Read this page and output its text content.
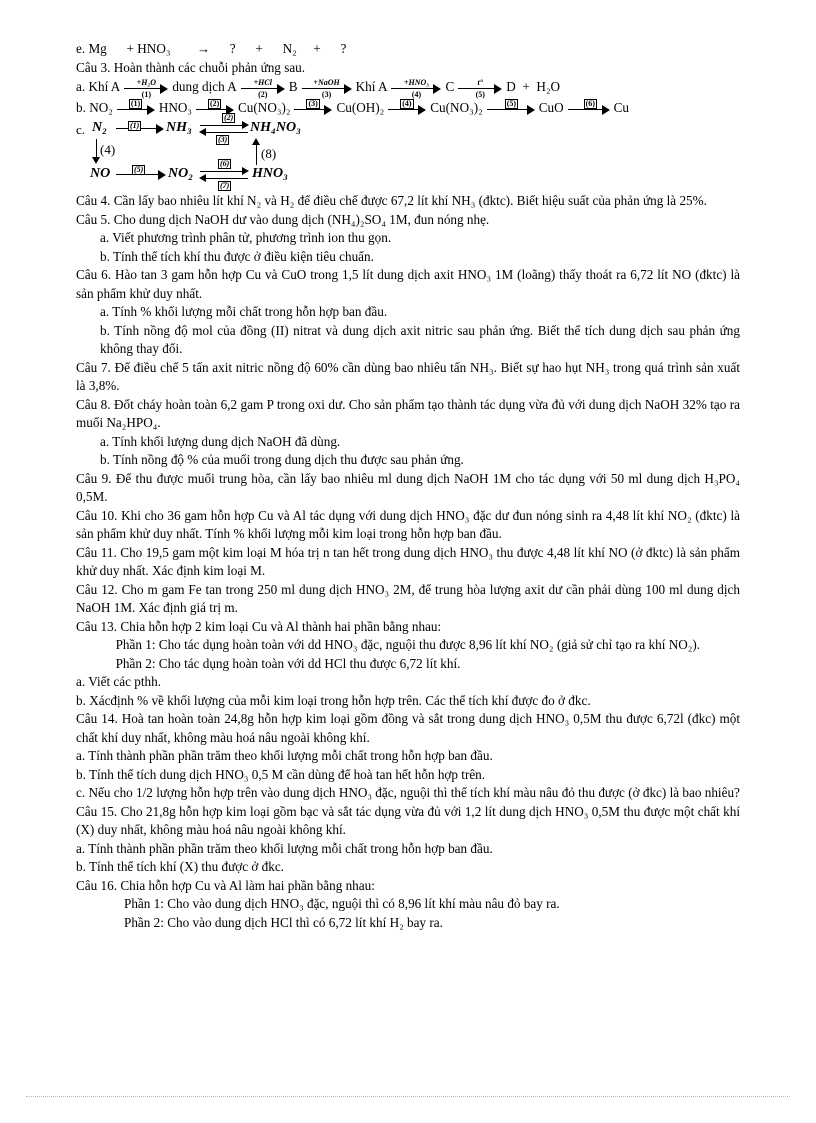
e. Mg      + HNO₃        →      ?      +      N₂     +      ?
Câu 3. Hoàn thành các chuỗi phản ứng sau.
a. Khí A	+H₂O
(1)	dung dịch A	+HCl
(2)	B	+NaOH
(3)	Khí A	+HNO₃
(4)	C	t°
(5)	D  +  H₂O
b. NO₂ (1) HNO₃ (2) Cu(NO₃)₂ (3) Cu(OH)₂ (4) Cu(NO₃)₂	(5) CuO	(6) Cu
c. N₂	(1) NH₃
(2)
(3)
NH₄NO₃
(4)	(8)
NO	(5) NO₂
(6)
(7)
HNO₃
Câu 4. Cần lấy bao nhiêu lít khí N₂ và H₂ để điều chế được 67,2 lít khí NH₃ (đktc). Biết hiệu suất của phản ứng là 25%.
Câu 5. Cho dung dịch NaOH dư vào dung dịch (NH₄)₂SO₄ 1M, đun nóng nhẹ.
a. Viết phương trình phân tử, phương trình ion thu gọn.
b. Tính thể tích khí thu được ở điều kiện tiêu chuẩn.
Câu 6. Hào tan 3 gam hỗn hợp Cu và CuO trong 1,5 lít dung dịch axit HNO₃ 1M (loãng) thấy thoát ra 6,72 lít NO (đktc) là sản phẩm khử duy nhất.
a. Tính % khối lượng mỗi chất trong hỗn hợp ban đầu.
b. Tính nồng độ mol của đồng (II) nitrat và dung dịch axit nitric sau phản ứng. Biết thể tích dung dịch sau phản ứng không thay đổi.
Câu 7. Để điều chế 5 tấn axit nitric nồng độ 60% cần dùng bao nhiêu tấn NH₃. Biết sự hao hụt NH₃ trong quá trình sản xuất là 3,8%.
Câu 8. Đốt cháy hoàn toàn 6,2 gam P trong oxi dư. Cho sản phẩm tạo thành tác dụng vừa đủ với dung dịch NaOH 32% tạo ra muối Na₂HPO₄.
a. Tính khối lượng dung dịch NaOH đã dùng.
b. Tính nồng độ % của muối trong dung dịch thu được sau phản ứng.
Câu 9. Để thu được muối trung hòa, cần lấy bao nhiêu ml dung dịch NaOH 1M cho tác dụng với 50 ml dung dịch H₃PO₄ 0,5M.
Câu 10. Khi cho 36 gam hỗn hợp Cu và Al tác dụng với dung dịch HNO₃ đặc dư đun nóng sinh ra 4,48 lít khí NO₂ (đktc) là sản phẩm khử duy nhất. Tính % khối lượng mỗi kim loại trong hỗn hợp ban đầu.
Câu 11. Cho 19,5 gam một kim loại M hóa trị n tan hết trong dung dịch HNO₃ thu được 4,48 lít khí NO (ở đktc) là sản phẩm khử duy nhất. Xác định kim loại M.
Câu 12. Cho m gam Fe tan trong 250 ml dung dịch HNO₃ 2M, để trung hòa lượng axit dư cần phải dùng 100 ml dung dịch NaOH 1M. Xác định giá trị m.
Câu 13. Chia hỗn hợp 2 kim loại Cu và Al thành hai phần bằng nhau:
Phần 1: Cho tác dụng hoàn toàn với dd HNO₃ đặc, nguội thu được 8,96 lít khí NO₂ (giả sử chỉ tạo ra khí NO₂).
Phần 2: Cho tác dụng hoàn toàn với dd HCl thu được 6,72 lít khí.
a. Viết các pthh.
b. Xácđịnh % về khối lượng của mỗi kim loại trong hỗn hợp trên. Các thể tích khí được đo ở đkc.
Câu 14. Hoà tan hoàn toàn 24,8g hỗn hợp kim loại gồm đồng và sắt trong dung dịch HNO₃ 0,5M thu được 6,72l (đkc) một chất khí duy nhất, không màu hoá nâu ngoài không khí.
a. Tính thành phần phần trăm theo khối lượng mỗi chất trong hỗn hợp ban đầu.
b. Tính thể tích dung dịch HNO₃ 0,5 M cần dùng để hoà tan hết hỗn hợp trên.
c. Nếu cho 1/2 lượng hỗn hợp trên vào dung dịch HNO₃ đặc, nguội thì thể tích khí màu nâu đỏ thu được (ở đkc) là bao nhiêu?
Câu 15. Cho 21,8g hỗn hợp kim loại gồm bạc và sắt tác dụng vừa đủ với 1,2 lít dung dịch HNO₃ 0,5M thu được một chất khí (X) duy nhất, không màu hoá nâu ngoài không khí.
a. Tính thành phần phần trăm theo khối lượng mỗi chất trong hỗn hợp ban đầu.
b. Tính thể tích khí (X) thu được ở đkc.
Câu 16. Chia hỗn hợp Cu và Al làm hai phần bằng nhau:
Phần 1: Cho vào dung dịch HNO₃ đặc, nguội thì có 8,96 lít khí màu nâu đỏ bay ra.
Phần 2: Cho vào dung dịch HCl thì có 6,72 lít khí H₂ bay ra.
